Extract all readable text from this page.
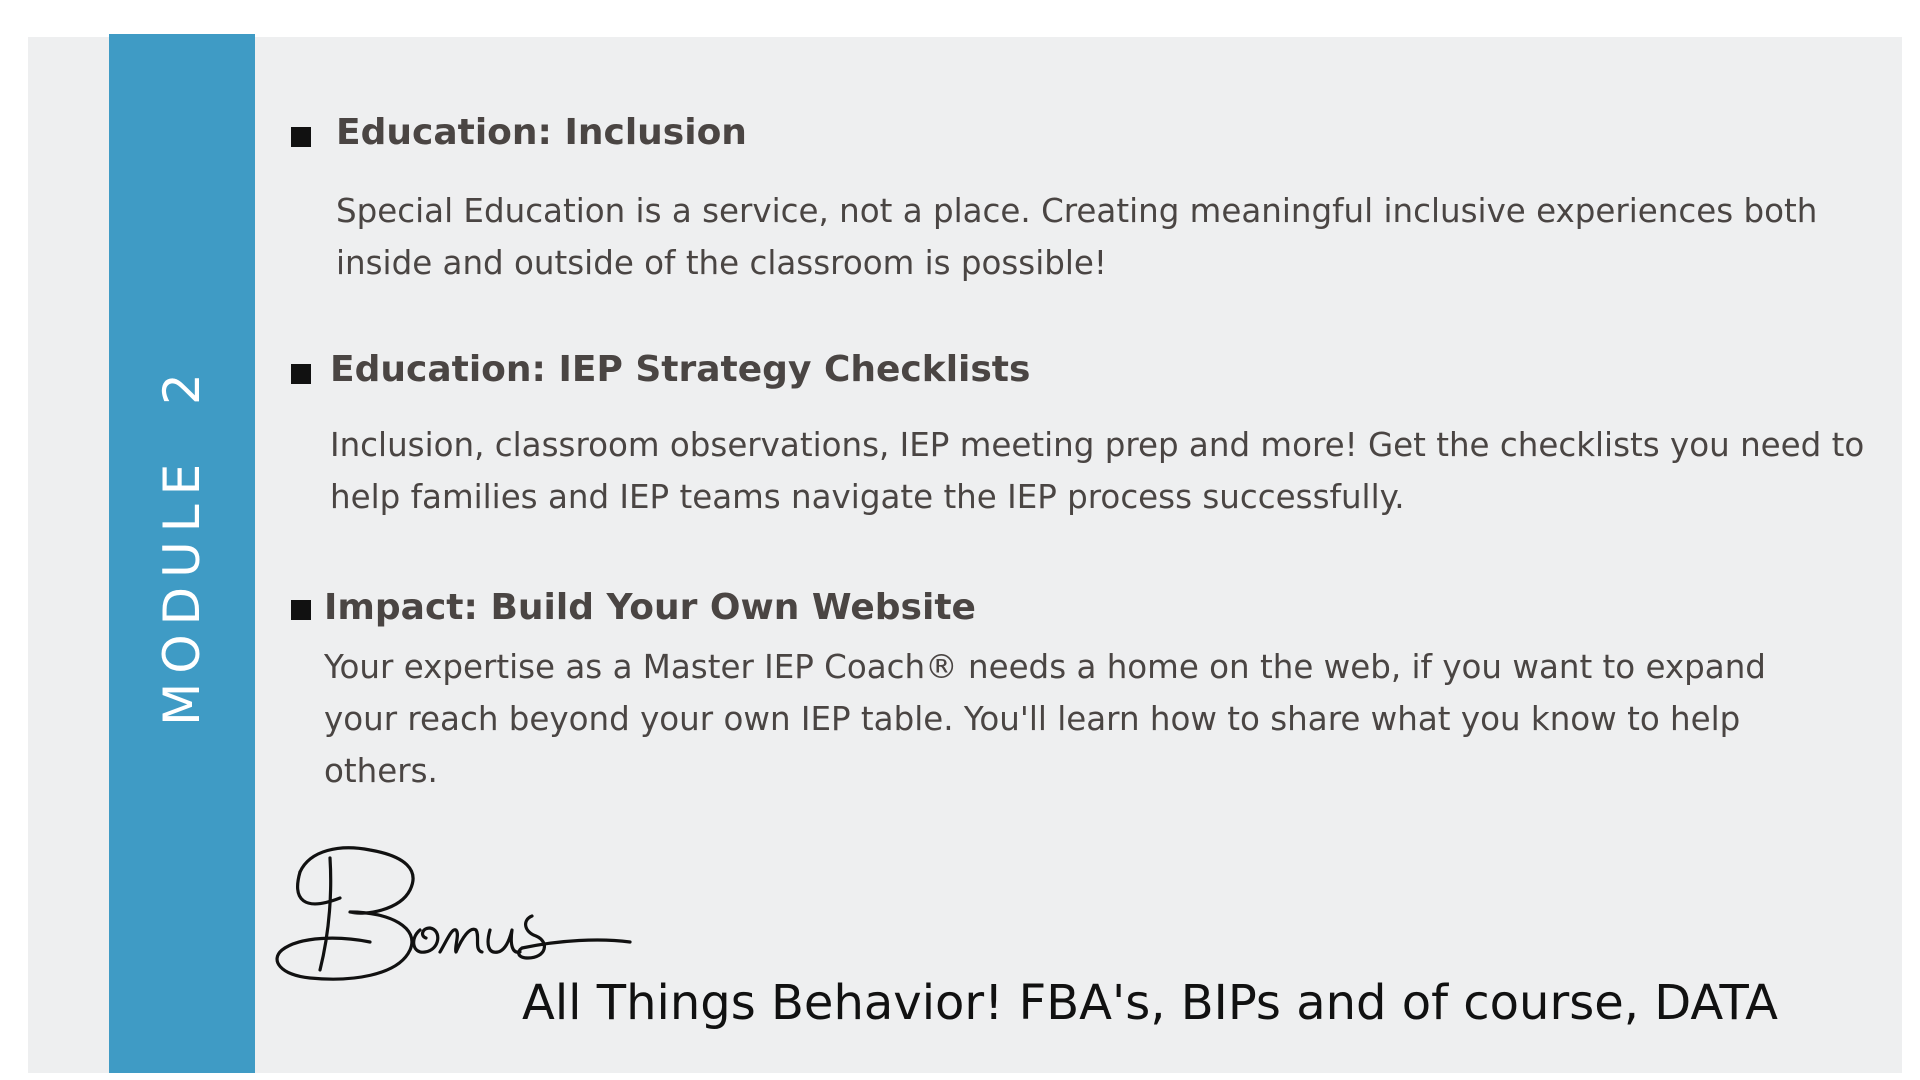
MODULE  2
Education: Inclusion

Special Education is a service, not a place. Creating meaningful inclusive experiences both inside and outside of the classroom is possible!

Education: IEP Strategy Checklists

Inclusion, classroom observations, IEP meeting prep and more! Get the checklists you need to help families and IEP teams navigate the IEP process successfully.

Impact: Build Your Own Website

Your expertise as a Master IEP Coach® needs a home on the web, if you want to expand your reach beyond your own IEP table. You'll learn how to share what you know to help others.

All Things Behavior! FBA's, BIPs and of course, DATA
